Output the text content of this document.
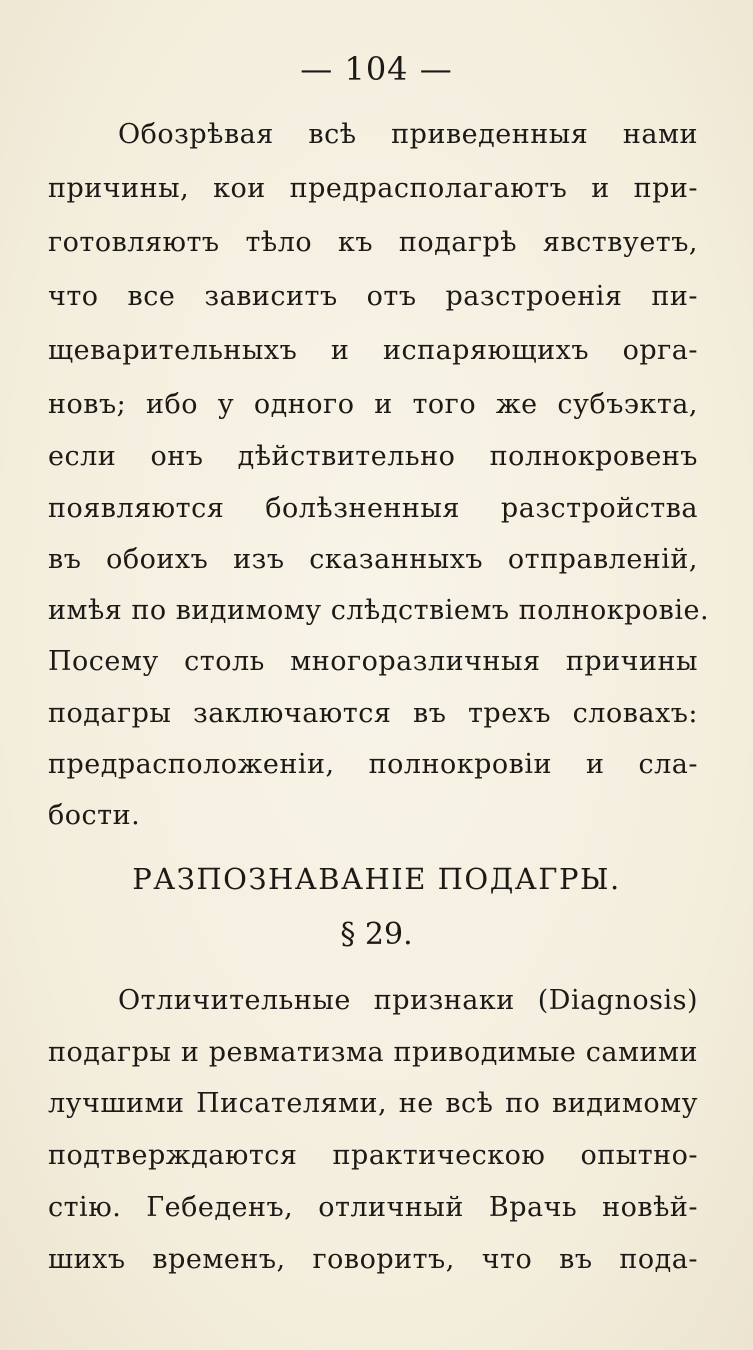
— 104 —
Обозрѣвая всѣ приведенныя нами
причины, кои предрасполагаютъ и при-
готовляютъ тѣло къ подагрѣ явствуетъ,
что все зависитъ отъ разстроенія пи-
щеварительныхъ и испаряющихъ орга-
новъ; ибо у одного и того же субъэкта,
если онъ дѣйствительно полнокровенъ
появляются болѣзненныя разстройства
въ обоихъ изъ сказанныхъ отправленій,
имѣя по видимому слѣдствіемъ полнокровіе.
Посему столь многоразличныя причины
подагры заключаются въ трехъ словахъ:
предрасположеніи, полнокровіи и сла-
бости.
РАЗПОЗНАВАНІЕ ПОДАГРЫ.
§ 29.
Отличительные признаки (Diagnosis)
подагры и ревматизма приводимые самими
лучшими Писателями, не всѣ по видимому
подтверждаются практическою опытно-
стію. Гебеденъ, отличный Врачь новѣй-
шихъ временъ, говоритъ, что въ пода-
